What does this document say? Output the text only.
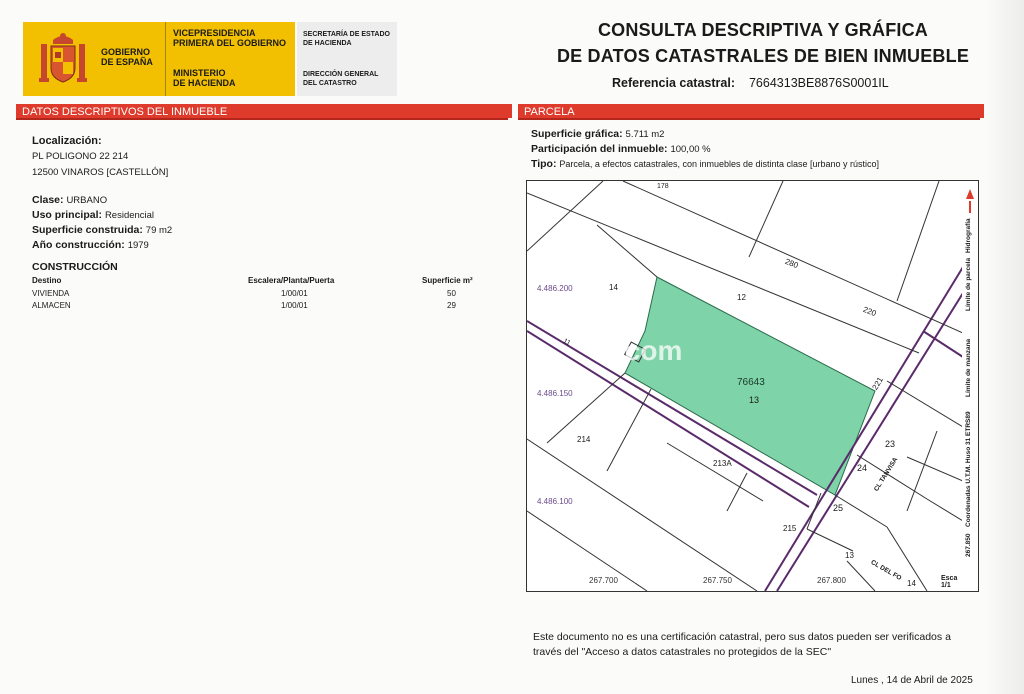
GOBIERNO
DE ESPAÑA
VICEPRESIDENCIA
PRIMERA DEL GOBIERNO
MINISTERIO
DE HACIENDA
SECRETARÍA DE ESTADO
DE HACIENDA
DIRECCIÓN GENERAL
DEL CATASTRO
CONSULTA DESCRIPTIVA Y GRÁFICA
DE DATOS CATASTRALES DE BIEN INMUEBLE
Referencia catastral: 7664313BE8876S0001IL
DATOS DESCRIPTIVOS DEL INMUEBLE	PARCELA
Localización:
PL POLIGONO 22 214
12500 VINAROS [CASTELLÓN]
Clase: URBANO
Uso principal: Residencial
Superficie construida: 79 m2
Año construcción: 1979
CONSTRUCCIÓN
Destino	Escalera/Planta/Puerta	Superficie m²
VIVIENDA	1/00/01	50
ALMACEN	1/00/01	29
Superficie gráfica: 5.711 m2
Participación del inmueble: 100,00 %
Tipo: Parcela, a efectos catastrales, con inmuebles de distinta clase [urbano y rústico]
4.486.200
4.486.150
4.486.100
267.700	267.750	267.800
14
12
280
220
221
214
213A
23
24
25
215
13
14
178
11
CL TANVISA
CL DEL FO
76643
13
.com
Esca
1/1
Hidrografía
Límite de parcela
Límite de manzana
Coordenadas U.T.M. Huso 31 ETRS89
267.850
Este documento no es una certificación catastral, pero sus datos pueden ser verificados a
través del "Acceso a datos catastrales no protegidos de la SEC"
Lunes , 14 de Abril de 2025
